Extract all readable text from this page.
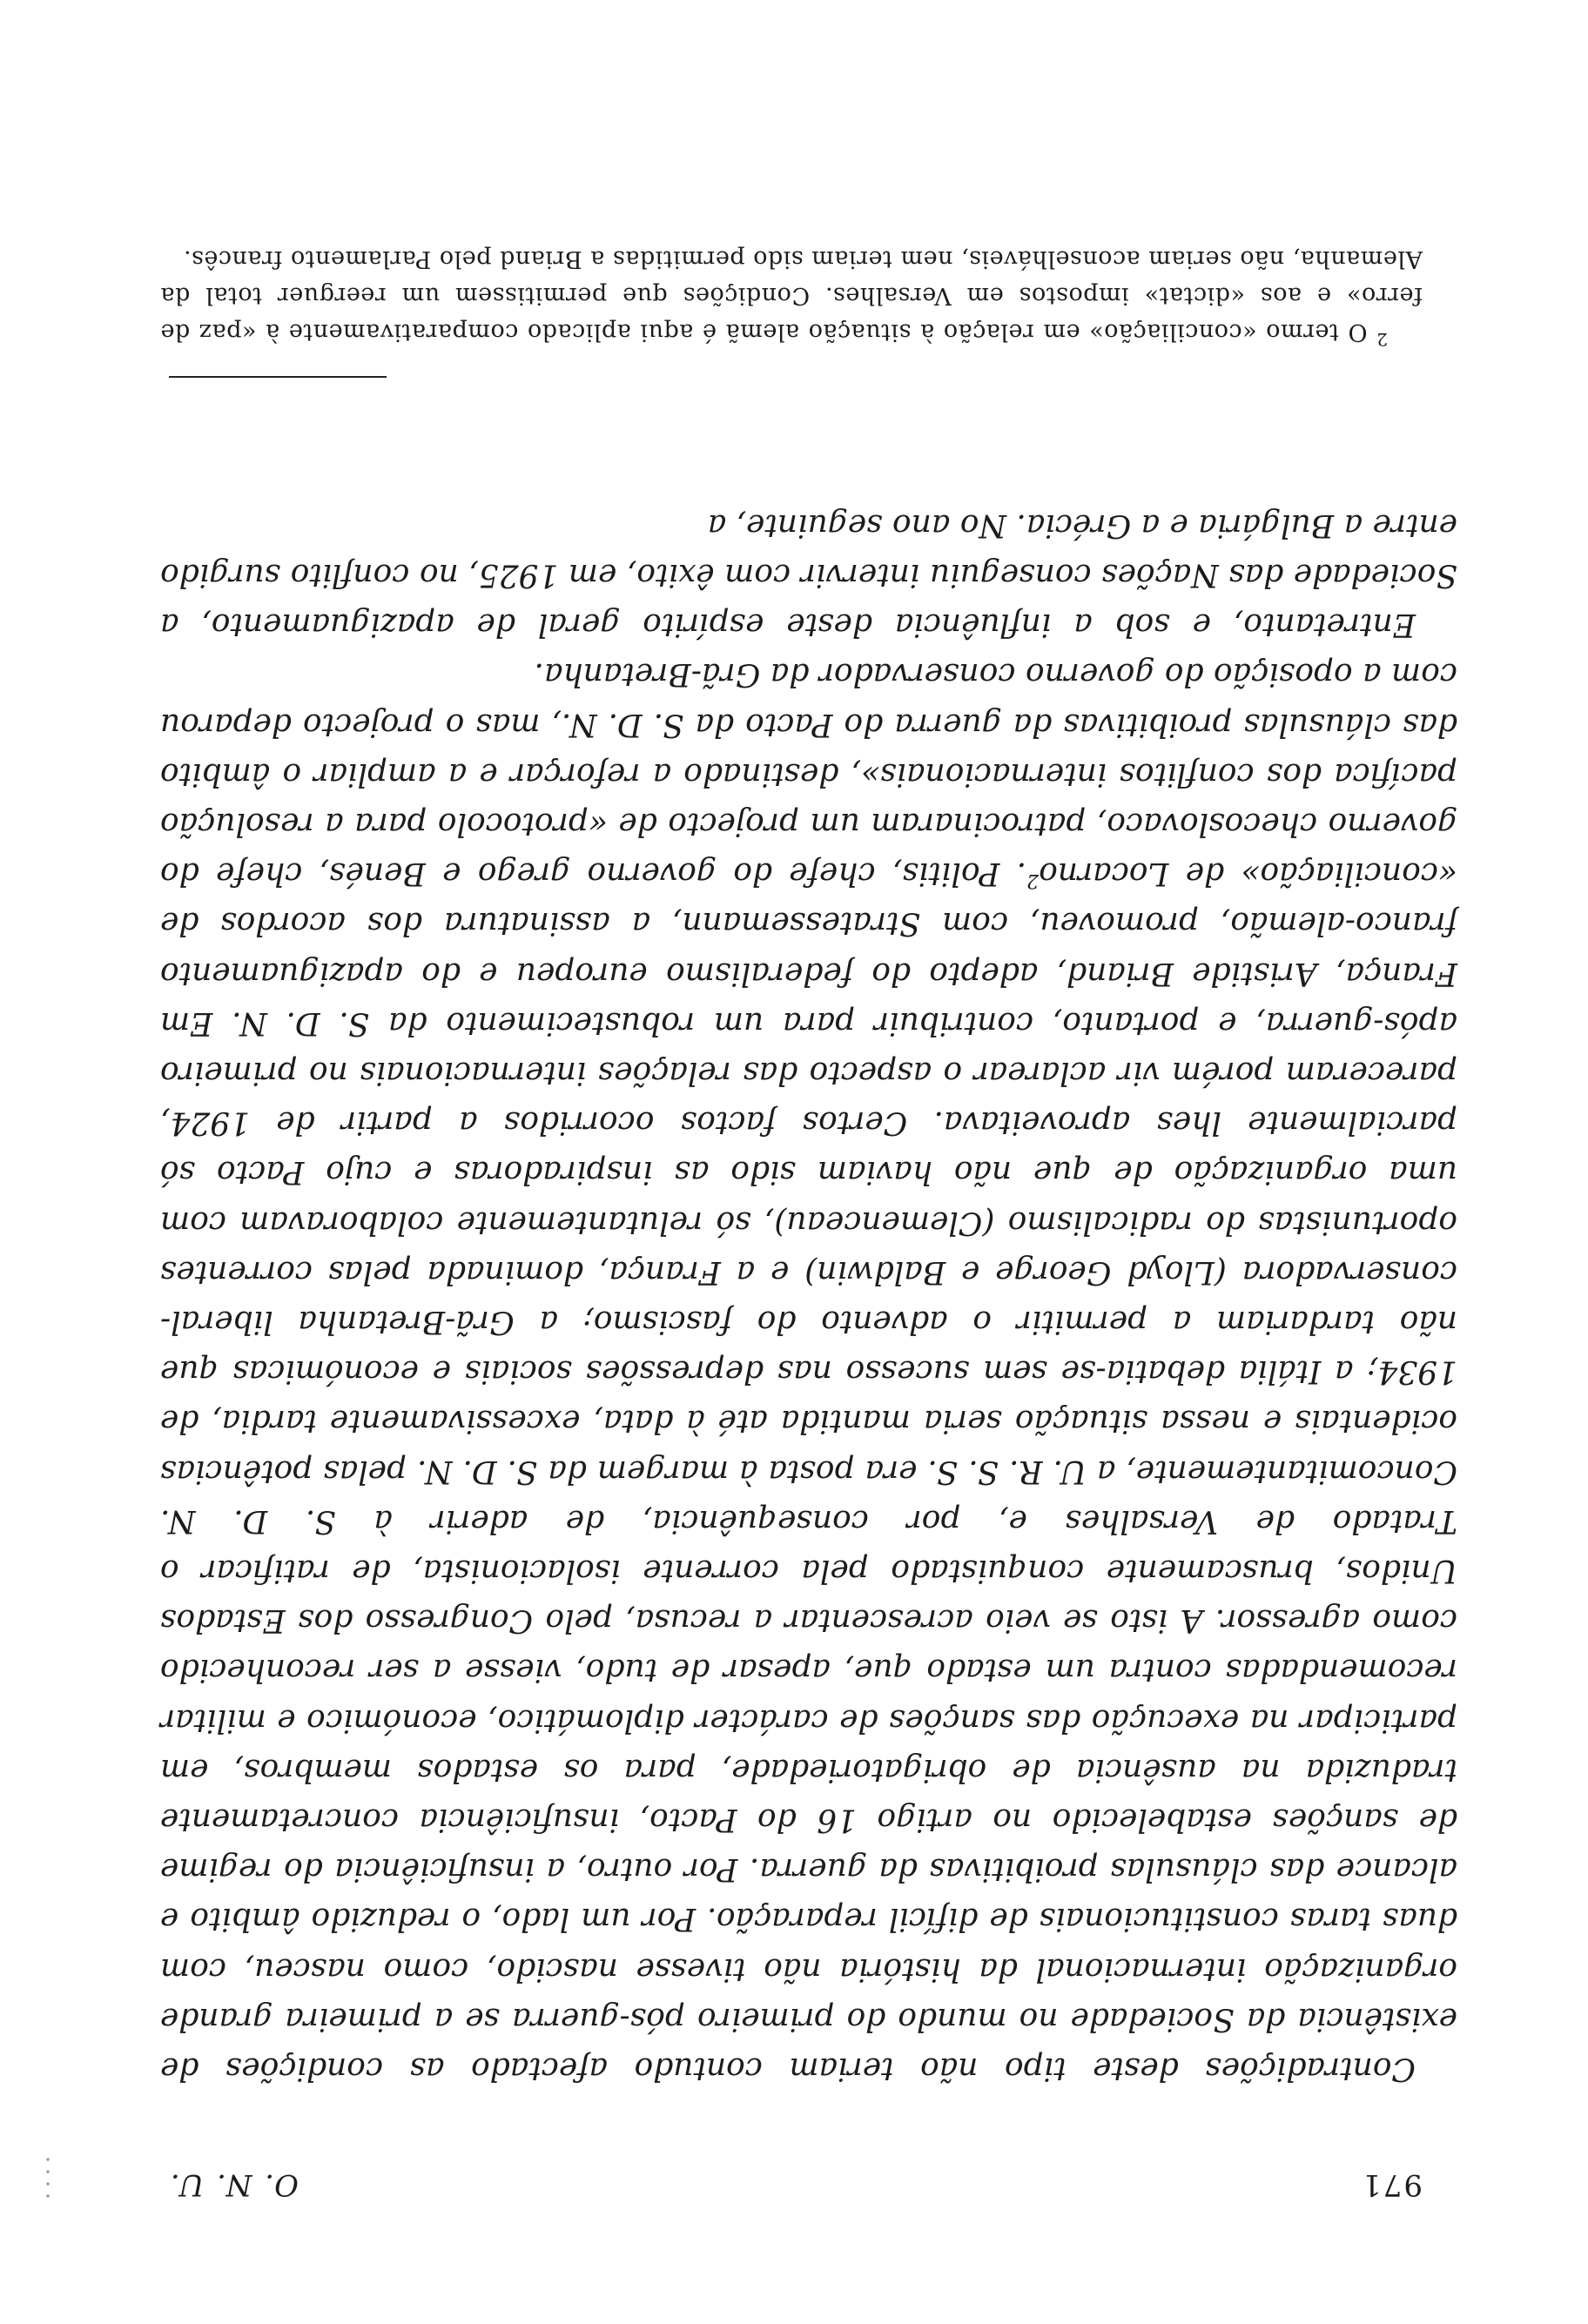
971
O. N. U.

Contradições deste tipo não teriam contudo afectado as condições de existência da Sociedade no mundo do primeiro pós-guerra se a primeira grande organização internacional da história não tivesse nascido, como nasceu, com duas taras constitucionais de difícil reparação. Por um lado, o reduzido âmbito e alcance das cláusulas proibitivas da guerra. Por outro, a insuficiência do regime de sanções estabelecido no artigo 16 do Pacto, insuficiência concretamente traduzida na ausência de obrigatoriedade, para os estados membros, em participar na execução das sanções de carácter diplomático, económico e militar recomendadas contra um estado que, apesar de tudo, viesse a ser reconhecido como agressor. A isto se veio acrescentar a recusa, pelo Congresso dos Estados Unidos, bruscamente conquistado pela corrente isolacionista, de ratificar o Tratado de Versalhes e, por consequência, de aderir à S. D. N. Concomitantemente, a U. R. S. S. era posta à margem da S. D. N. pelas potências ocidentais e nessa situação seria mantida até à data, excessivamente tardia, de 1934; a Itália debatia-se sem sucesso nas depressões sociais e económicas que não tardariam a permitir o advento do fascismo; a Grã-Bretanha liberal-conservadora (Lloyd George e Baldwin) e a França, dominada pelas correntes oportunistas do radicalismo (Clemenceau), só relutantemente colaboravam com uma organização de que não haviam sido as inspiradoras e cujo Pacto só parcialmente lhes aproveitava. Certos factos ocorridos a partir de 1924, pareceram porém vir aclarear o aspecto das relações internacionais no primeiro após-guerra, e portanto, contribuir para um robustecimento da S. D. N. Em França, Aristide Briand, adepto do federalismo europeu e do apaziguamento franco-alemão, promoveu, com Stratessemann, a assinatura dos acordos de «conciliação» de Locarno$^2$. Politis, chefe do governo grego e Benés, chefe do governo checoslovaco, patrocinaram um projecto de «protocolo para a resolução pacífica dos conflitos internacionais», destinado a reforçar e a ampliar o âmbito das cláusulas proibitivas da guerra do Pacto da S. D. N., mas o projecto deparou com a oposição do governo conservador da Grã-Bretanha.

Entretanto, e sob a influência deste espírito geral de apaziguamento, a Sociedade das Nações conseguiu intervir com êxito, em 1925, no conflito surgido entre a Bulgária e a Grécia. No ano seguinte, a

$^2$ O termo «conciliação» em relação à situação alemã é aqui aplicado comparativamente à «paz de ferro» e aos «dictat» impostos em Versalhes. Condições que permitissem um reerguer total da Alemanha, não seriam aconselháveis, nem teriam sido permitidas a Briand pelo Parlamento francês.
